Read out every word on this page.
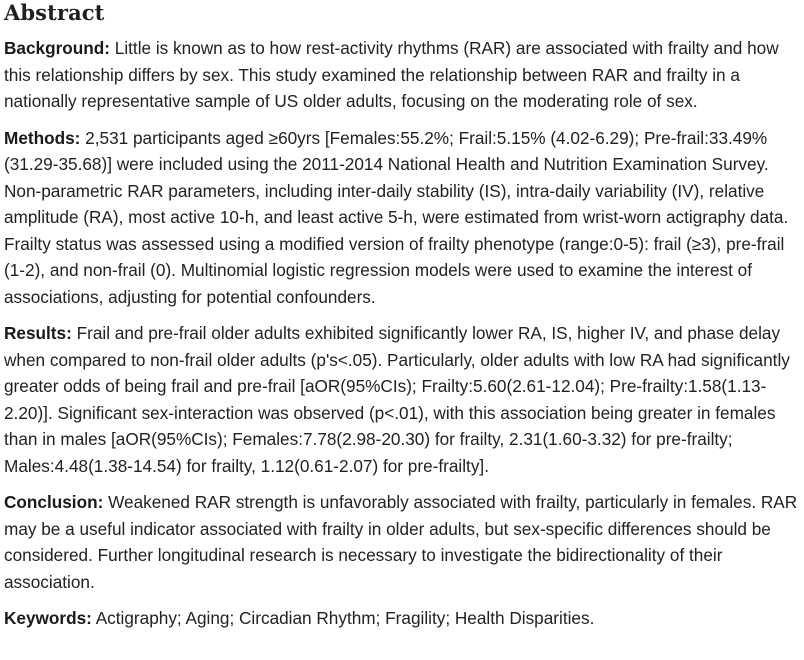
Abstract

Background: Little is known as to how rest-activity rhythms (RAR) are associated with frailty and how this relationship differs by sex. This study examined the relationship between RAR and frailty in a nationally representative sample of US older adults, focusing on the moderating role of sex.

Methods: 2,531 participants aged ≥60yrs [Females:55.2%; Frail:5.15% (4.02-6.29); Pre-frail:33.49% (31.29-35.68)] were included using the 2011-2014 National Health and Nutrition Examination Survey. Non-parametric RAR parameters, including inter-daily stability (IS), intra-daily variability (IV), relative amplitude (RA), most active 10-h, and least active 5-h, were estimated from wrist-worn actigraphy data. Frailty status was assessed using a modified version of frailty phenotype (range:0-5): frail (≥3), pre-frail (1-2), and non-frail (0). Multinomial logistic regression models were used to examine the interest of associations, adjusting for potential confounders.

Results: Frail and pre-frail older adults exhibited significantly lower RA, IS, higher IV, and phase delay when compared to non-frail older adults (p's<.05). Particularly, older adults with low RA had significantly greater odds of being frail and pre-frail [aOR(95%CIs); Frailty:5.60(2.61-12.04); Pre-frailty:1.58(1.13-2.20)]. Significant sex-interaction was observed (p<.01), with this association being greater in females than in males [aOR(95%CIs); Females:7.78(2.98-20.30) for frailty, 2.31(1.60-3.32) for pre-frailty; Males:4.48(1.38-14.54) for frailty, 1.12(0.61-2.07) for pre-frailty].

Conclusion: Weakened RAR strength is unfavorably associated with frailty, particularly in females. RAR may be a useful indicator associated with frailty in older adults, but sex-specific differences should be considered. Further longitudinal research is necessary to investigate the bidirectionality of their association.

Keywords: Actigraphy; Aging; Circadian Rhythm; Fragility; Health Disparities.
